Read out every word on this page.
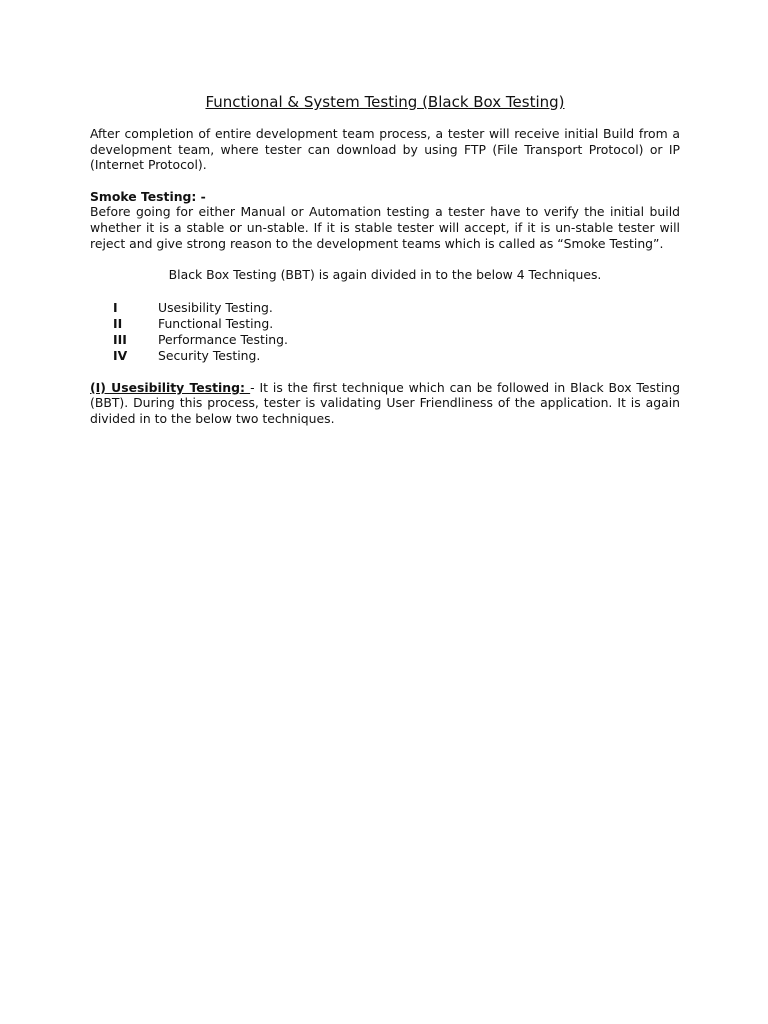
Functional & System Testing (Black Box Testing)

After completion of entire development team process, a tester will receive initial Build from a development team, where tester can download by using FTP (File Transport Protocol) or IP (Internet Protocol).

Smoke Testing: -

Before going for either Manual or Automation testing a tester have to verify the initial build whether it is a stable or un-stable. If it is stable tester will accept, if it is un-stable tester will reject and give strong reason to the development teams which is called as “Smoke Testing”.

Black Box Testing (BBT) is again divided in to the below 4 Techniques.

I	Usesibility Testing.
II	Functional Testing.
III	Performance Testing.
IV	Security Testing.

(I) Usesibility Testing: - It is the first technique which can be followed in Black Box Testing (BBT). During this process, tester is validating User Friendliness of the application. It is again divided in to the below two techniques.
